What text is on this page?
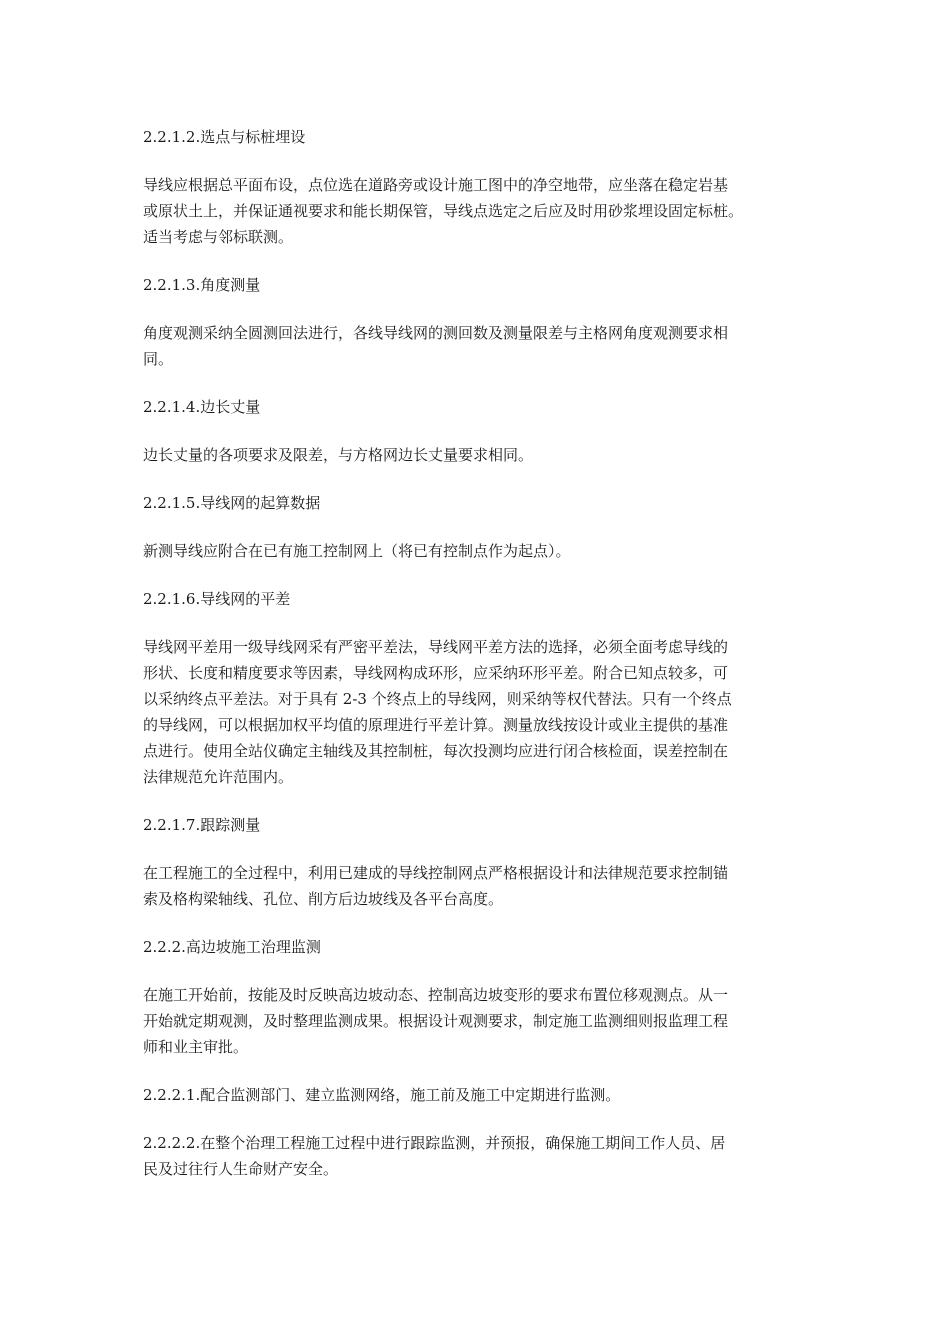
2.2.1.2.选点与标桩埋设

导线应根据总平面布设，点位选在道路旁或设计施工图中的净空地带，应坐落在稳定岩基
或原状土上，并保证通视要求和能长期保管，导线点选定之后应及时用砂浆埋设固定标桩。
适当考虑与邻标联测。

2.2.1.3.角度测量

角度观测采纳全圆测回法进行，各线导线网的测回数及测量限差与主格网角度观测要求相
同。

2.2.1.4.边长丈量

边长丈量的各项要求及限差，与方格网边长丈量要求相同。

2.2.1.5.导线网的起算数据

新测导线应附合在已有施工控制网上（将已有控制点作为起点）。

2.2.1.6.导线网的平差

导线网平差用一级导线网采有严密平差法，导线网平差方法的选择，必须全面考虑导线的
形状、长度和精度要求等因素，导线网构成环形，应采纳环形平差。附合已知点较多，可
以采纳终点平差法。对于具有 2-3 个终点上的导线网，则采纳等权代替法。只有一个终点
的导线网，可以根据加权平均值的原理进行平差计算。测量放线按设计或业主提供的基准
点进行。使用全站仪确定主轴线及其控制桩，每次投测均应进行闭合核检面，误差控制在
法律规范允许范围内。

2.2.1.7.跟踪测量

在工程施工的全过程中，利用已建成的导线控制网点严格根据设计和法律规范要求控制锚
索及格构梁轴线、孔位、削方后边坡线及各平台高度。

2.2.2.高边坡施工治理监测

在施工开始前，按能及时反映高边坡动态、控制高边坡变形的要求布置位移观测点。从一
开始就定期观测，及时整理监测成果。根据设计观测要求，制定施工监测细则报监理工程
师和业主审批。

2.2.2.1.配合监测部门、建立监测网络，施工前及施工中定期进行监测。

2.2.2.2.在整个治理工程施工过程中进行跟踪监测，并预报，确保施工期间工作人员、居
民及过往行人生命财产安全。
